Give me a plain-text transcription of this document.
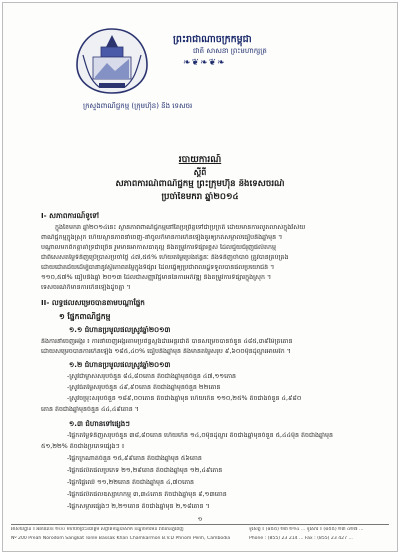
ព្រះរាជាណាចក្រកម្ពុជា
ជាតិ សាសនា ព្រះមហាក្សត្រ
❧❦❧❦❧
ក្រសួងពាណិជ្ជកម្ម (ក្រុមហ៊ុន) និង ទេសចរ
របាយការណ៍
ស្តីពី
សភាពការណ៍ពាណិជ្ជកម្ម ព្រះក្រុមហ៊ុន និងទេសចរណ៍
ប្រចាំខែមករា ឆ្នាំ២០១៤
I- សភាពការណ៍ទូទៅ
ក្នុងខែមករា ឆ្នាំ២០១៤នេះ ស្ថានភាពពាណិជ្ជកម្មនៅតែប្រព្រឹត្តទៅជាប្រក្រតី ដោយមានការលូតលាស់ក្នុងវិស័យ
ពាណិជ្ជកម្មក្នុងស្រុក ហើយស្ថានភាពនាំចេញ-នាំចូលក៏មានការកើនឡើងគួរឲ្យកត់សម្គាល់ធៀបនឹងឆ្នាំមុន ។
បណ្តាលមកពីកត្តាគាំទ្រជាច្រើន រួមមានអាកាសធាតុល្អ និងតម្រូវការទីផ្សារខ្ពស់ ដែលជួយជំរុញផលិតកម្ម
ជាពិសេសតម្លៃទំនិញប្រើប្រាស់ប្រចាំថ្ងៃ ៤៧,៥៥% ហើយតម្លៃប្រេងឥន្ធនៈ និងទំនិញចាំបាច់ ត្រូវបានគ្រប់គ្រង
ដោយជោគជ័យដើម្បីធានានូវស្ថិរភាពតម្លៃក្នុងទីផ្សារ ដែលធ្វើឲ្យប្រជាពលរដ្ឋទទួលបានផលប្រយោជន៍ ។
១១០,៥៧% ធៀបនឹងឆ្នាំ ២០១៣ ដែលជាសញ្ញាវិជ្ជមាននៃការអភិវឌ្ឍ និងតម្រូវការទីផ្សារក្នុងស្រុក ។
ទេសចរណ៍ក៏មានការកើនឡើងដូចគ្នា ។
II- លទ្ធផលសម្រេចបានតាមបណ្តាផ្នែក
១ ផ្នែកពាណិជ្ជកម្ម
១.១ ជំហានប្រមូលផលស្រូវឆ្នាំ២០១៣
និងការនាំចេញអង្ករ ៖ ការនាំចេញអង្ករតាមប្រព័ន្ធស្តង់ដារអន្តរជាតិ បានសម្រេចបានចំនួន ៤៨៥,៣៩ម៉ែត្រតោន
ដោយសម្រេចបានការកើនឡើង ១៨៥,៤០% ធៀបនឹងឆ្នាំមុន និងមានតម្លៃសរុប ៩,៦០០ម៉ឺនដុល្លារអាមេរិក ។
១.២ ជំហានប្រមូលផលស្រូវឆ្នាំ២០១៣
-ស្រូវជាម្ចាស់សរុបចំនួន ៨៤,៨០តោន តិចជាងឆ្នាំមុនចំនួន ៤៧,១១តោន
-ស្រូវធំតម្លៃសរុបចំនួន ៤៩,៩០តោន តិចជាងឆ្នាំមុនចំនួន ២២តោន
-ស្រូវចម្រុះសរុបចំនួន ១៨៩,០០តោន តិចជាងឆ្នាំមុន ហើយកើន ១១០,២៥% តិចជាងចំនួន ៤,៩៨០
តោន តិចជាងឆ្នាំមុនចំនួន ៤៤,៤៩តោន ។
១.៣ ជំហានទៅផ្សេងៗ
-ផ្នែកតម្លៃទំនិញសរុបចំនួន ៣៨,៨០តោន ហើយកើន ១៤,០ម៉ឺនដុល្លារ តិចជាងឆ្នាំមុនចំនួន ៥,៤៤ម៉ឺន តិចជាងឆ្នាំមុន
៥១,២២% តិចជាងប្រភេទផ្សេងៗ ៖
-ផ្នែកក្រណាត់ចំនួន ១៥,៩៩តោន តិចជាងឆ្នាំមុន ៥៦តោន
-ផ្នែកផលិតផលប្រភេទ ២១,២៩តោន តិចជាងឆ្នាំមុន ១២,៤៩តោន
-ផ្នែកផ្លែឈើ ១១,២២តោន តិចជាងឆ្នាំមុន ៤,៧០តោន
-ផ្នែកផលិតផលឧស្សាហកម្ម ៣,៣៤តោន តិចជាងឆ្នាំមុន ៩,១៣តោន
-ផ្នែកសម្ភារផ្សេងៗ ២,២១តោន តិចជាងឆ្នាំមុន ២,១៨តោន ។
១
អាសយដ្ឋាន ៖ អគារលេខ ២០០ មហាវិថីព្រះនរោត្តម សង្កាត់ទន្លេបាសាក់ ខណ្ឌចំការមន រាជធានីភ្នំពេញ
Nº 200 Preah Norodom Sangkat Tonle Bassak Khan Chamkarmon B.V.D Phnom Penh, Cambodia
ទូរស័ព្ទ ៖ (៨៥៥) ២៣ ២១៤ ... ទូរសារ ៖ (៨៥៥) ២៣ ៤២៧ ...
Phone : (855) 23 214 ... Fax : (855) 23 427 ...
